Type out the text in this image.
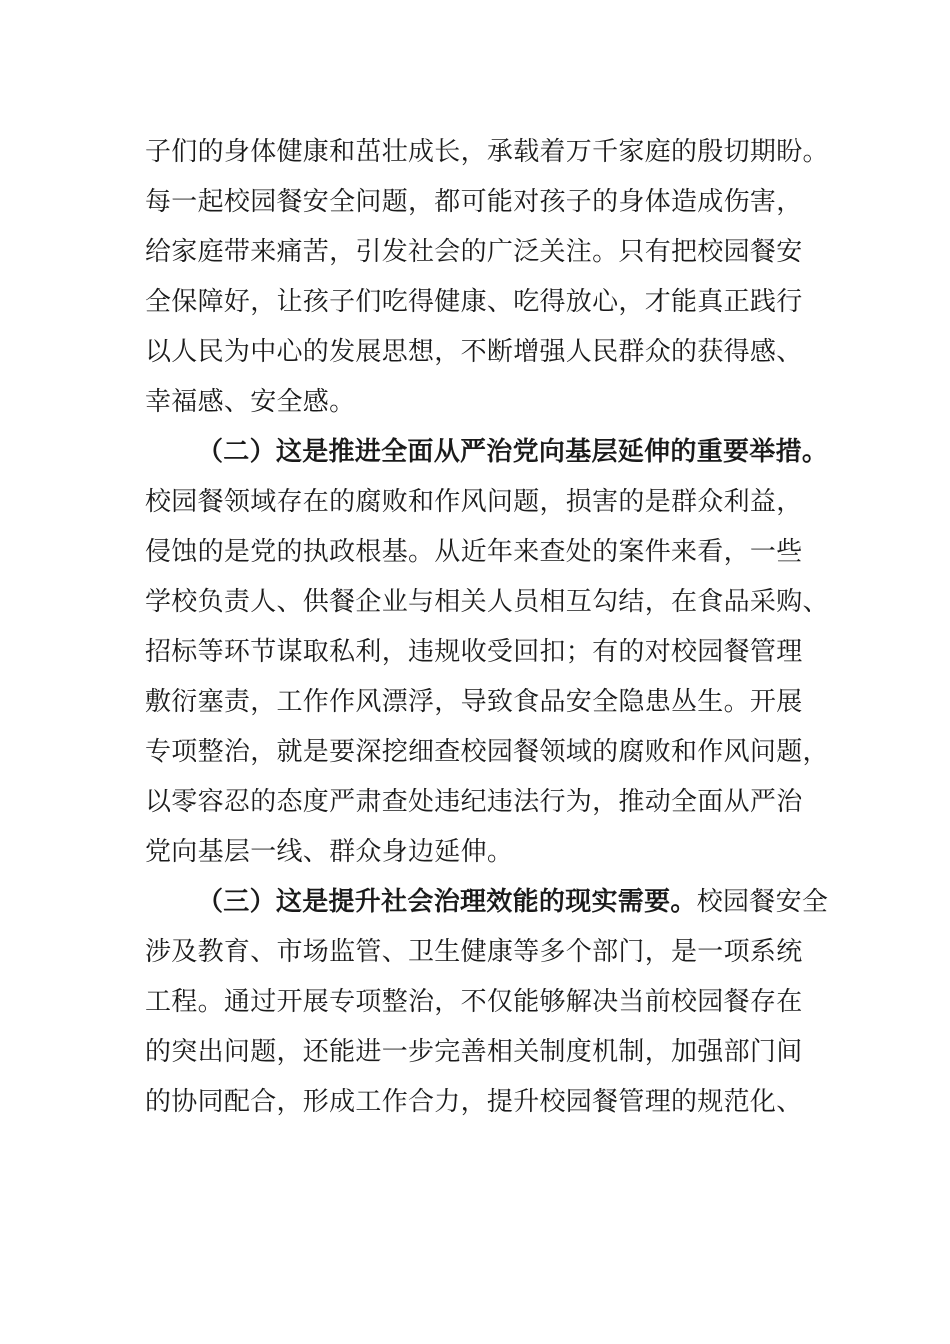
子们的身体健康和茁壮成长，承载着万千家庭的殷切期盼。
每一起校园餐安全问题，都可能对孩子的身体造成伤害，
给家庭带来痛苦，引发社会的广泛关注。只有把校园餐安
全保障好，让孩子们吃得健康、吃得放心，才能真正践行
以人民为中心的发展思想，不断增强人民群众的获得感、
幸福感、安全感。
（二）这是推进全面从严治党向基层延伸的重要举措。
校园餐领域存在的腐败和作风问题，损害的是群众利益，
侵蚀的是党的执政根基。从近年来查处的案件来看，一些
学校负责人、供餐企业与相关人员相互勾结，在食品采购、
招标等环节谋取私利，违规收受回扣；有的对校园餐管理
敷衍塞责，工作作风漂浮，导致食品安全隐患丛生。开展
专项整治，就是要深挖细查校园餐领域的腐败和作风问题，
以零容忍的态度严肃查处违纪违法行为，推动全面从严治
党向基层一线、群众身边延伸。
（三）这是提升社会治理效能的现实需要。校园餐安全
涉及教育、市场监管、卫生健康等多个部门，是一项系统
工程。通过开展专项整治，不仅能够解决当前校园餐存在
的突出问题，还能进一步完善相关制度机制，加强部门间
的协同配合，形成工作合力，提升校园餐管理的规范化、
